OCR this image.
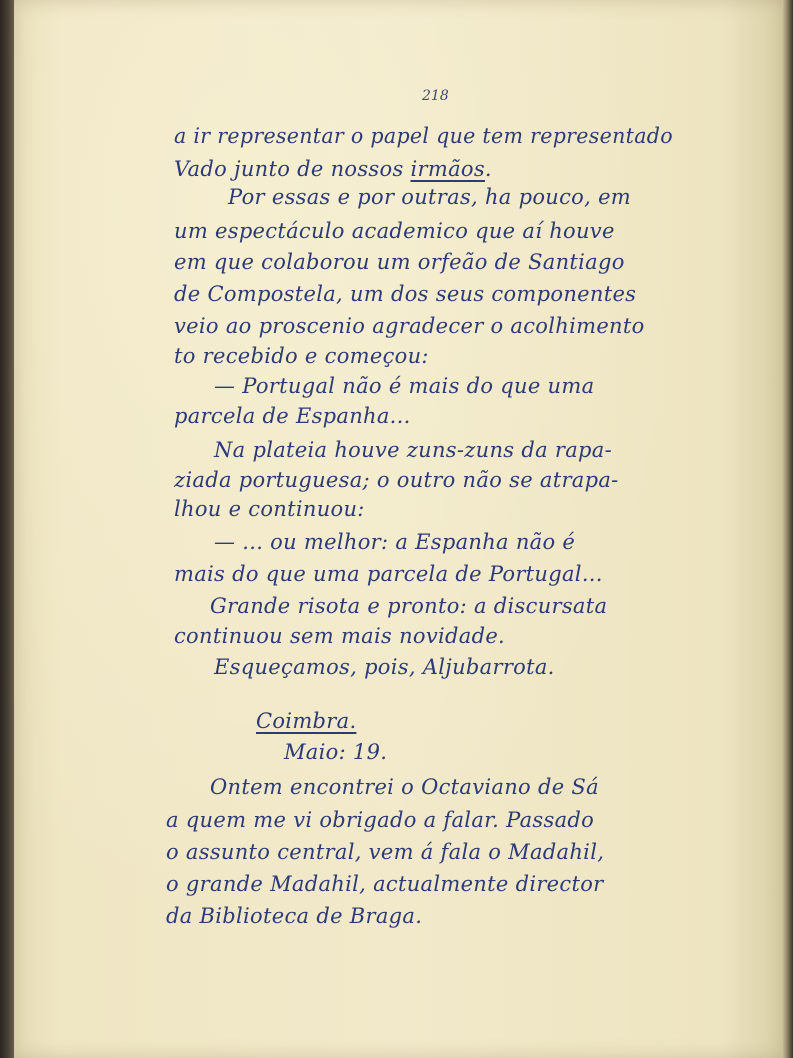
218
a ir representar o papel que tem representado
Vado junto de nossos irmãos.
Por essas e por outras, ha pouco, em
um espectáculo academico que aí houve
em que colaborou um orfeão de Santiago
de Compostela, um dos seus componentes
veio ao proscenio agradecer o acolhimento
to recebido e começou:
— Portugal não é mais do que uma
parcela de Espanha...
Na plateia houve zuns-zuns da rapa-
ziada portuguesa; o outro não se atrapa-
lhou e continuou:
— ... ou melhor: a Espanha não é
mais do que uma parcela de Portugal...
Grande risota e pronto: a discursata
continuou sem mais novidade.
Esqueçamos, pois, Aljubarrota.
Coimbra.
Maio: 19.
Ontem encontrei o Octaviano de Sá
a quem me vi obrigado a falar. Passado
o assunto central, vem á fala o Madahil,
o grande Madahil, actualmente director
da Biblioteca de Braga.
